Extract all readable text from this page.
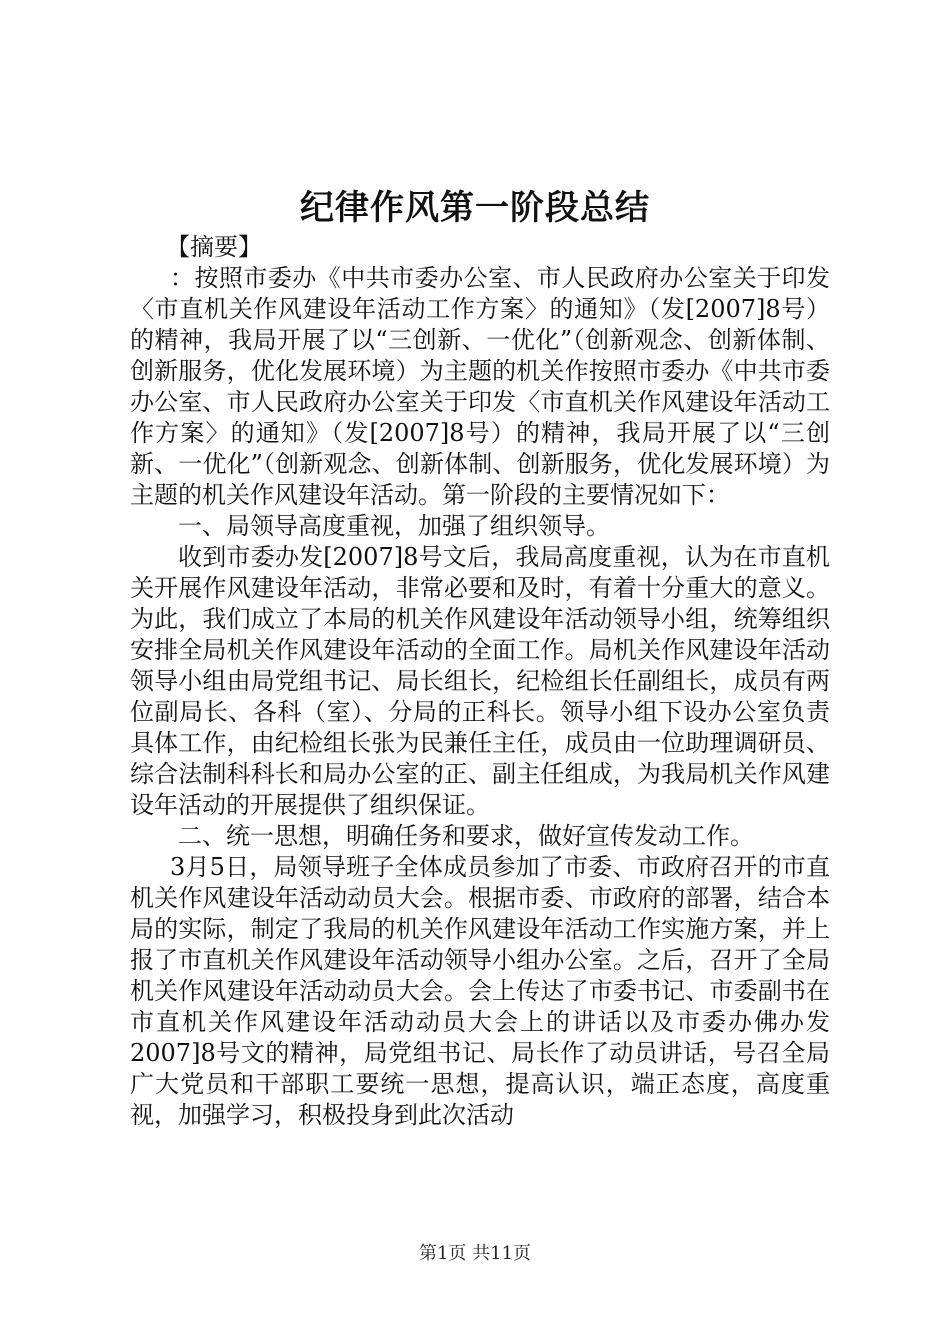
纪律作风第一阶段总结

【摘要】

：按照市委办《中共市委办公室、市人民政府办公室关于印发〈市直机关作风建设年活动工作方案〉的通知》（发[2007]8号）的精神，我局开展了以“三创新、一优化”（创新观念、创新体制、创新服务，优化发展环境）为主题的机关作按照市委办《中共市委办公室、市人民政府办公室关于印发〈市直机关作风建设年活动工作方案〉的通知》（发[2007]8号）的精神，我局开展了以“三创新、一优化”（创新观念、创新体制、创新服务，优化发展环境）为主题的机关作风建设年活动。第一阶段的主要情况如下：

一、局领导高度重视，加强了组织领导。

收到市委办发[2007]8号文后，我局高度重视，认为在市直机关开展作风建设年活动，非常必要和及时，有着十分重大的意义。为此，我们成立了本局的机关作风建设年活动领导小组，统筹组织安排全局机关作风建设年活动的全面工作。局机关作风建设年活动领导小组由局党组书记、局长组长，纪检组长任副组长，成员有两位副局长、各科（室）、分局的正科长。领导小组下设办公室负责具体工作，由纪检组长张为民兼任主任，成员由一位助理调研员、综合法制科科长和局办公室的正、副主任组成，为我局机关作风建设年活动的开展提供了组织保证。

二、统一思想，明确任务和要求，做好宣传发动工作。

3月5日，局领导班子全体成员参加了市委、市政府召开的市直机关作风建设年活动动员大会。根据市委、市政府的部署，结合本局的实际，制定了我局的机关作风建设年活动工作实施方案，并上报了市直机关作风建设年活动领导小组办公室。之后，召开了全局机关作风建设年活动动员大会。会上传达了市委书记、市委副书在市直机关作风建设年活动动员大会上的讲话以及市委办佛办发2007]8号文的精神，局党组书记、局长作了动员讲话，号召全局广大党员和干部职工要统一思想，提高认识，端正态度，高度重视，加强学习，积极投身到此次活动

第1页 共11页
